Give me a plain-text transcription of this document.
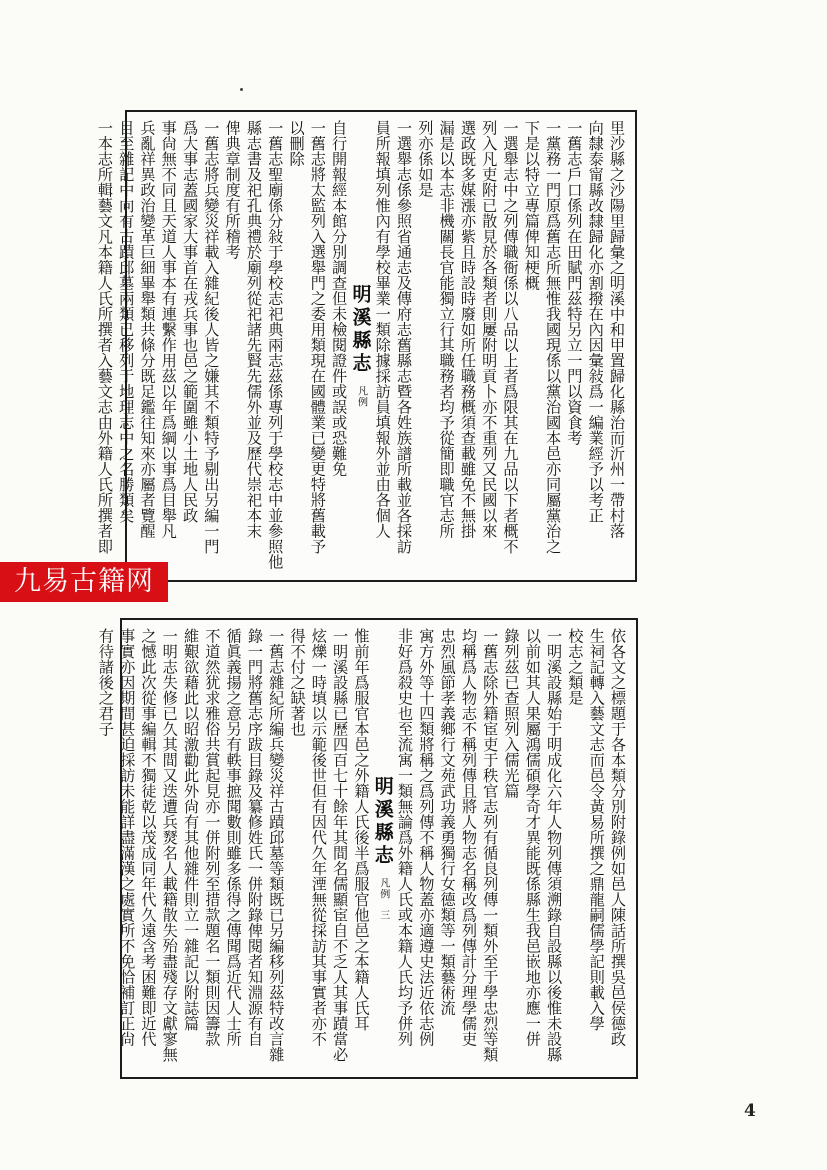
里沙縣之沙陽里歸彙之明溪中和甲置歸化縣治而沂州一帶村落
向隸泰甯縣改隸歸化亦割撥在內因彙敍爲一編業經予以考正
一舊志戶口係列在田賦門茲特另立一門以資食考
一黨務一門原爲舊志所無惟我國現係以黨治國本邑亦同屬黨治之
下是以特立專篇俾知梗概
一選舉志中之列傳職衙係以八品以上者爲限其在九品以下者概不
列入凡吏附已散見於各類者則屢附明貢卜亦不重列又民國以來
選政既多媒漲亦紫且時設時廢如所任職務概須查載雖免不無掛
漏是以本志非機關長官能獨立行其職務者均予從簡即職官志所
列亦係如是
一選舉志係參照省通志及傳府志舊縣志暨各姓族譜所載並各採訪
員所報填列惟內有學校畢業一類除據採訪員填報外並由各個人
明溪縣志 凡例
自行開報經本館分別調查但未檢閱證件或誤或恐難免
一舊志將太監列入選舉門之委用類現在國體業已變更特將舊載予
以刪除
一舊志聖廟係分敍于學校志祀典兩志茲係專列于學校志中並參照他
縣志書及祀孔典禮於廟列從祀諸先賢先儒外並及歷代崇祀本末
俾典章制度有所稽考
一舊志將兵變災祥載入雜紀後人皆之嫌其不類特予剔出另編一門
爲大事志蓋國家大事首在戎兵事也邑之範圍雖小土地人民政
事尙無不同且天道人事本有連繫作用茲以年爲綱以事爲目舉凡
兵亂祥異政治變革巨細畢舉類共條分既足鑑往知來亦屬者覽醒
目至雜記中向有古蹟邱墓兩類已移列于地理志中之名勝類矣
一本志所輯藝文凡本籍人氏所撰者入藝文志由外籍人氏所撰者即
九易古籍网
依各文之標題于各本類分別附錄例如邑人陳話所撰吳邑侯德政
生祠記轉入藝文志而邑令黃易所撰之鼎龍嗣儒學記則載入學
校志之類是
一明溪設縣始于明成化六年人物列傳須溯錄自設縣以後惟未設縣
以前如其人果屬鴻儒碩學奇才異能既係縣生我邑嵌地亦應一併
錄列茲已查照列入儒光篇
一舊志除外籍宦吏于秩官志列有循良列傳一類外至于學忠烈等類
均稱爲人物志不稱列傳且將人物志名稱改爲列傳計分理學儒吏
忠烈風節孝義鄉行文苑武功義勇獨行女德類等一類藝術流
寓方外等十四類將稱之爲列傳不稱人物蓋亦適遵史法近依志例
非好爲殺史也至流寓一類無論爲外籍人氏或本籍人氏均予併列
明溪縣志 凡例 三
惟前年爲服官本邑之外籍人氏後半爲服官他邑之本籍人氏耳
一明溪設縣已歷四百七十餘年其間名儒顯宦自不乏人其事蹟當必
炫爍一時填以示範後世但有因代久年湮無從採訪其事實者亦不
得不付之缺著也
一舊志雜紀所編兵變災祥古蹟邱墓等類既已另編移列茲特改言雜
錄一門將舊志序跋目錄及纂修姓氏一併附錄俾閱者知淵源有自
循眞義揚之意另有軼事摭聞數則雖多係得之傳聞爲近代人士所
不道然犹求雅俗共賞起見亦一併附列至措款題名一類則因籌款
維艱欲藉此以昭激勸此外尙有其他雜件則立一雜記以附誌篇
一明志失修已久其間又迭遭兵燹名人載籍散失殆盡殘存文獻寥無
之憾此次從事編輯不獨徒乾以茂成同年代久遠含考困難即近代
事實亦因期間甚迫採訪未能詳盡滿漢之處實所不免恰補訂正尙
有待諸後之君子
4
